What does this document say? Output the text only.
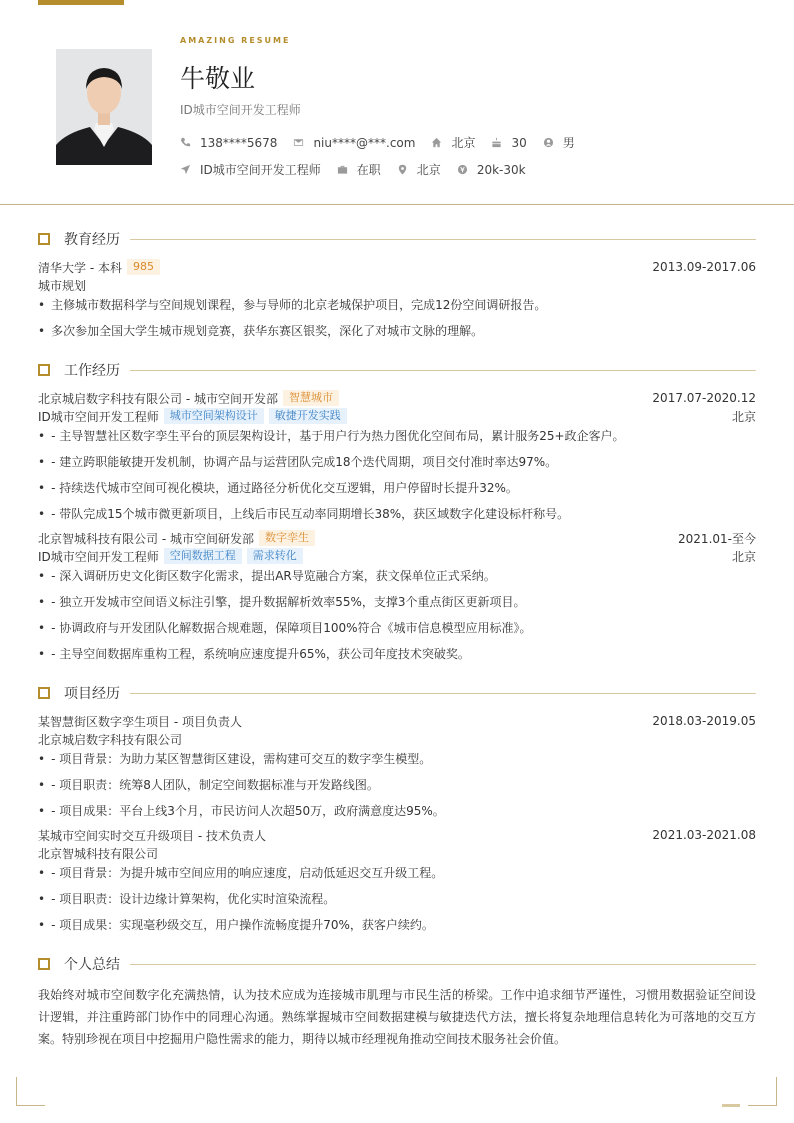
AMAZING RESUME
牛敬业
ID城市空间开发工程师
138****5678	niu****@***.com	北京	30	男
ID城市空间开发工程师	在职	北京	20k-30k
教育经历
清华大学 - 本科	985	2013.09-2017.06
城市规划
• 主修城市数据科学与空间规划课程，参与导师的北京老城保护项目，完成12份空间调研报告。
• 多次参加全国大学生城市规划竞赛，获华东赛区银奖，深化了对城市文脉的理解。
工作经历
北京城启数字科技有限公司 - 城市空间开发部	智慧城市	2017.07-2020.12
ID城市空间开发工程师	城市空间架构设计	敏捷开发实践	北京
• - 主导智慧社区数字孪生平台的顶层架构设计，基于用户行为热力图优化空间布局，累计服务25+政企客户。
• - 建立跨职能敏捷开发机制，协调产品与运营团队完成18个迭代周期，项目交付准时率达97%。
• - 持续迭代城市空间可视化模块，通过路径分析优化交互逻辑，用户停留时长提升32%。
• - 带队完成15个城市微更新项目，上线后市民互动率同期增长38%，获区域数字化建设标杆称号。
北京智城科技有限公司 - 城市空间研发部	数字孪生	2021.01-至今
ID城市空间开发工程师	空间数据工程	需求转化	北京
• - 深入调研历史文化街区数字化需求，提出AR导览融合方案，获文保单位正式采纳。
• - 独立开发城市空间语义标注引擎，提升数据解析效率55%，支撑3个重点街区更新项目。
• - 协调政府与开发团队化解数据合规难题，保障项目100%符合《城市信息模型应用标准》。
• - 主导空间数据库重构工程，系统响应速度提升65%，获公司年度技术突破奖。
项目经历
某智慧街区数字孪生项目 - 项目负责人	2018.03-2019.05
北京城启数字科技有限公司
• - 项目背景：为助力某区智慧街区建设，需构建可交互的数字孪生模型。
• - 项目职责：统筹8人团队，制定空间数据标准与开发路线图。
• - 项目成果：平台上线3个月，市民访问人次超50万，政府满意度达95%。
某城市空间实时交互升级项目 - 技术负责人	2021.03-2021.08
北京智城科技有限公司
• - 项目背景：为提升城市空间应用的响应速度，启动低延迟交互升级工程。
• - 项目职责：设计边缘计算架构，优化实时渲染流程。
• - 项目成果：实现毫秒级交互，用户操作流畅度提升70%，获客户续约。
个人总结
我始终对城市空间数字化充满热情，认为技术应成为连接城市肌理与市民生活的桥梁。工作中追求细节严谨性，习惯用数据验证空间设计逻辑，并注重跨部门协作中的同理心沟通。熟练掌握城市空间数据建模与敏捷迭代方法，擅长将复杂地理信息转化为可落地的交互方案。特别珍视在项目中挖掘用户隐性需求的能力，期待以城市经理视角推动空间技术服务社会价值。
